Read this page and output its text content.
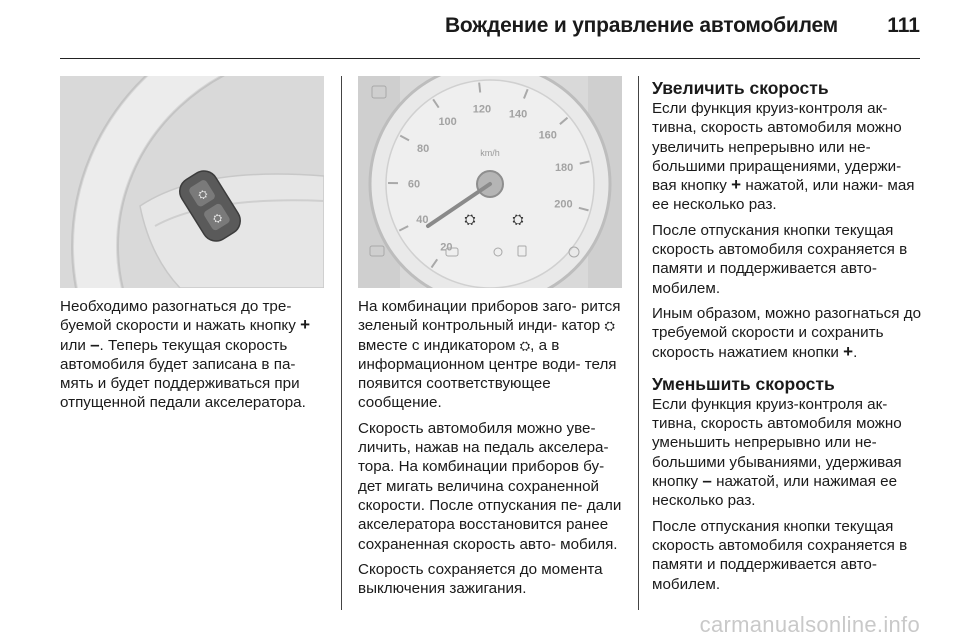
Вождение и управление автомобилем 111
⛭
⛭
20
40
60
80
100
120 140
160
180
200
km/h
⛭	⛭

Необходимо разогнаться до тре- буемой скорости и нажать кнопку + или –. Теперь текущая скорость автомобиля будет записана в па- мять и будет поддерживаться при отпущенной педали акселератора.

На комбинации приборов заго- рится зеленый контрольный инди- катор ⛭ вместе с индикатором ⛭, а в информационном центре води- теля появится соответствующее сообщение.

Скорость автомобиля можно уве- личить, нажав на педаль акселера- тора. На комбинации приборов бу- дет мигать величина сохраненной скорости. После отпускания пе- дали акселератора восстановится ранее сохраненная скорость авто- мобиля.

Скорость сохраняется до момента выключения зажигания.

Увеличить скорость

Если функция круиз-контроля ак- тивна, скорость автомобиля можно увеличить непрерывно или не- большими приращениями, удержи- вая кнопку + нажатой, или нажи- мая ее несколько раз.

После отпускания кнопки текущая скорость автомобиля сохраняется в памяти и поддерживается авто- мобилем.

Иным образом, можно разогнаться до требуемой скорости и сохранить скорость нажатием кнопки +.

Уменьшить скорость

Если функция круиз-контроля ак- тивна, скорость автомобиля можно уменьшить непрерывно или не- большими убываниями, удерживая кнопку – нажатой, или нажимая ее несколько раз.

После отпускания кнопки текущая скорость автомобиля сохраняется в памяти и поддерживается авто- мобилем.

carmanualsonline.info
